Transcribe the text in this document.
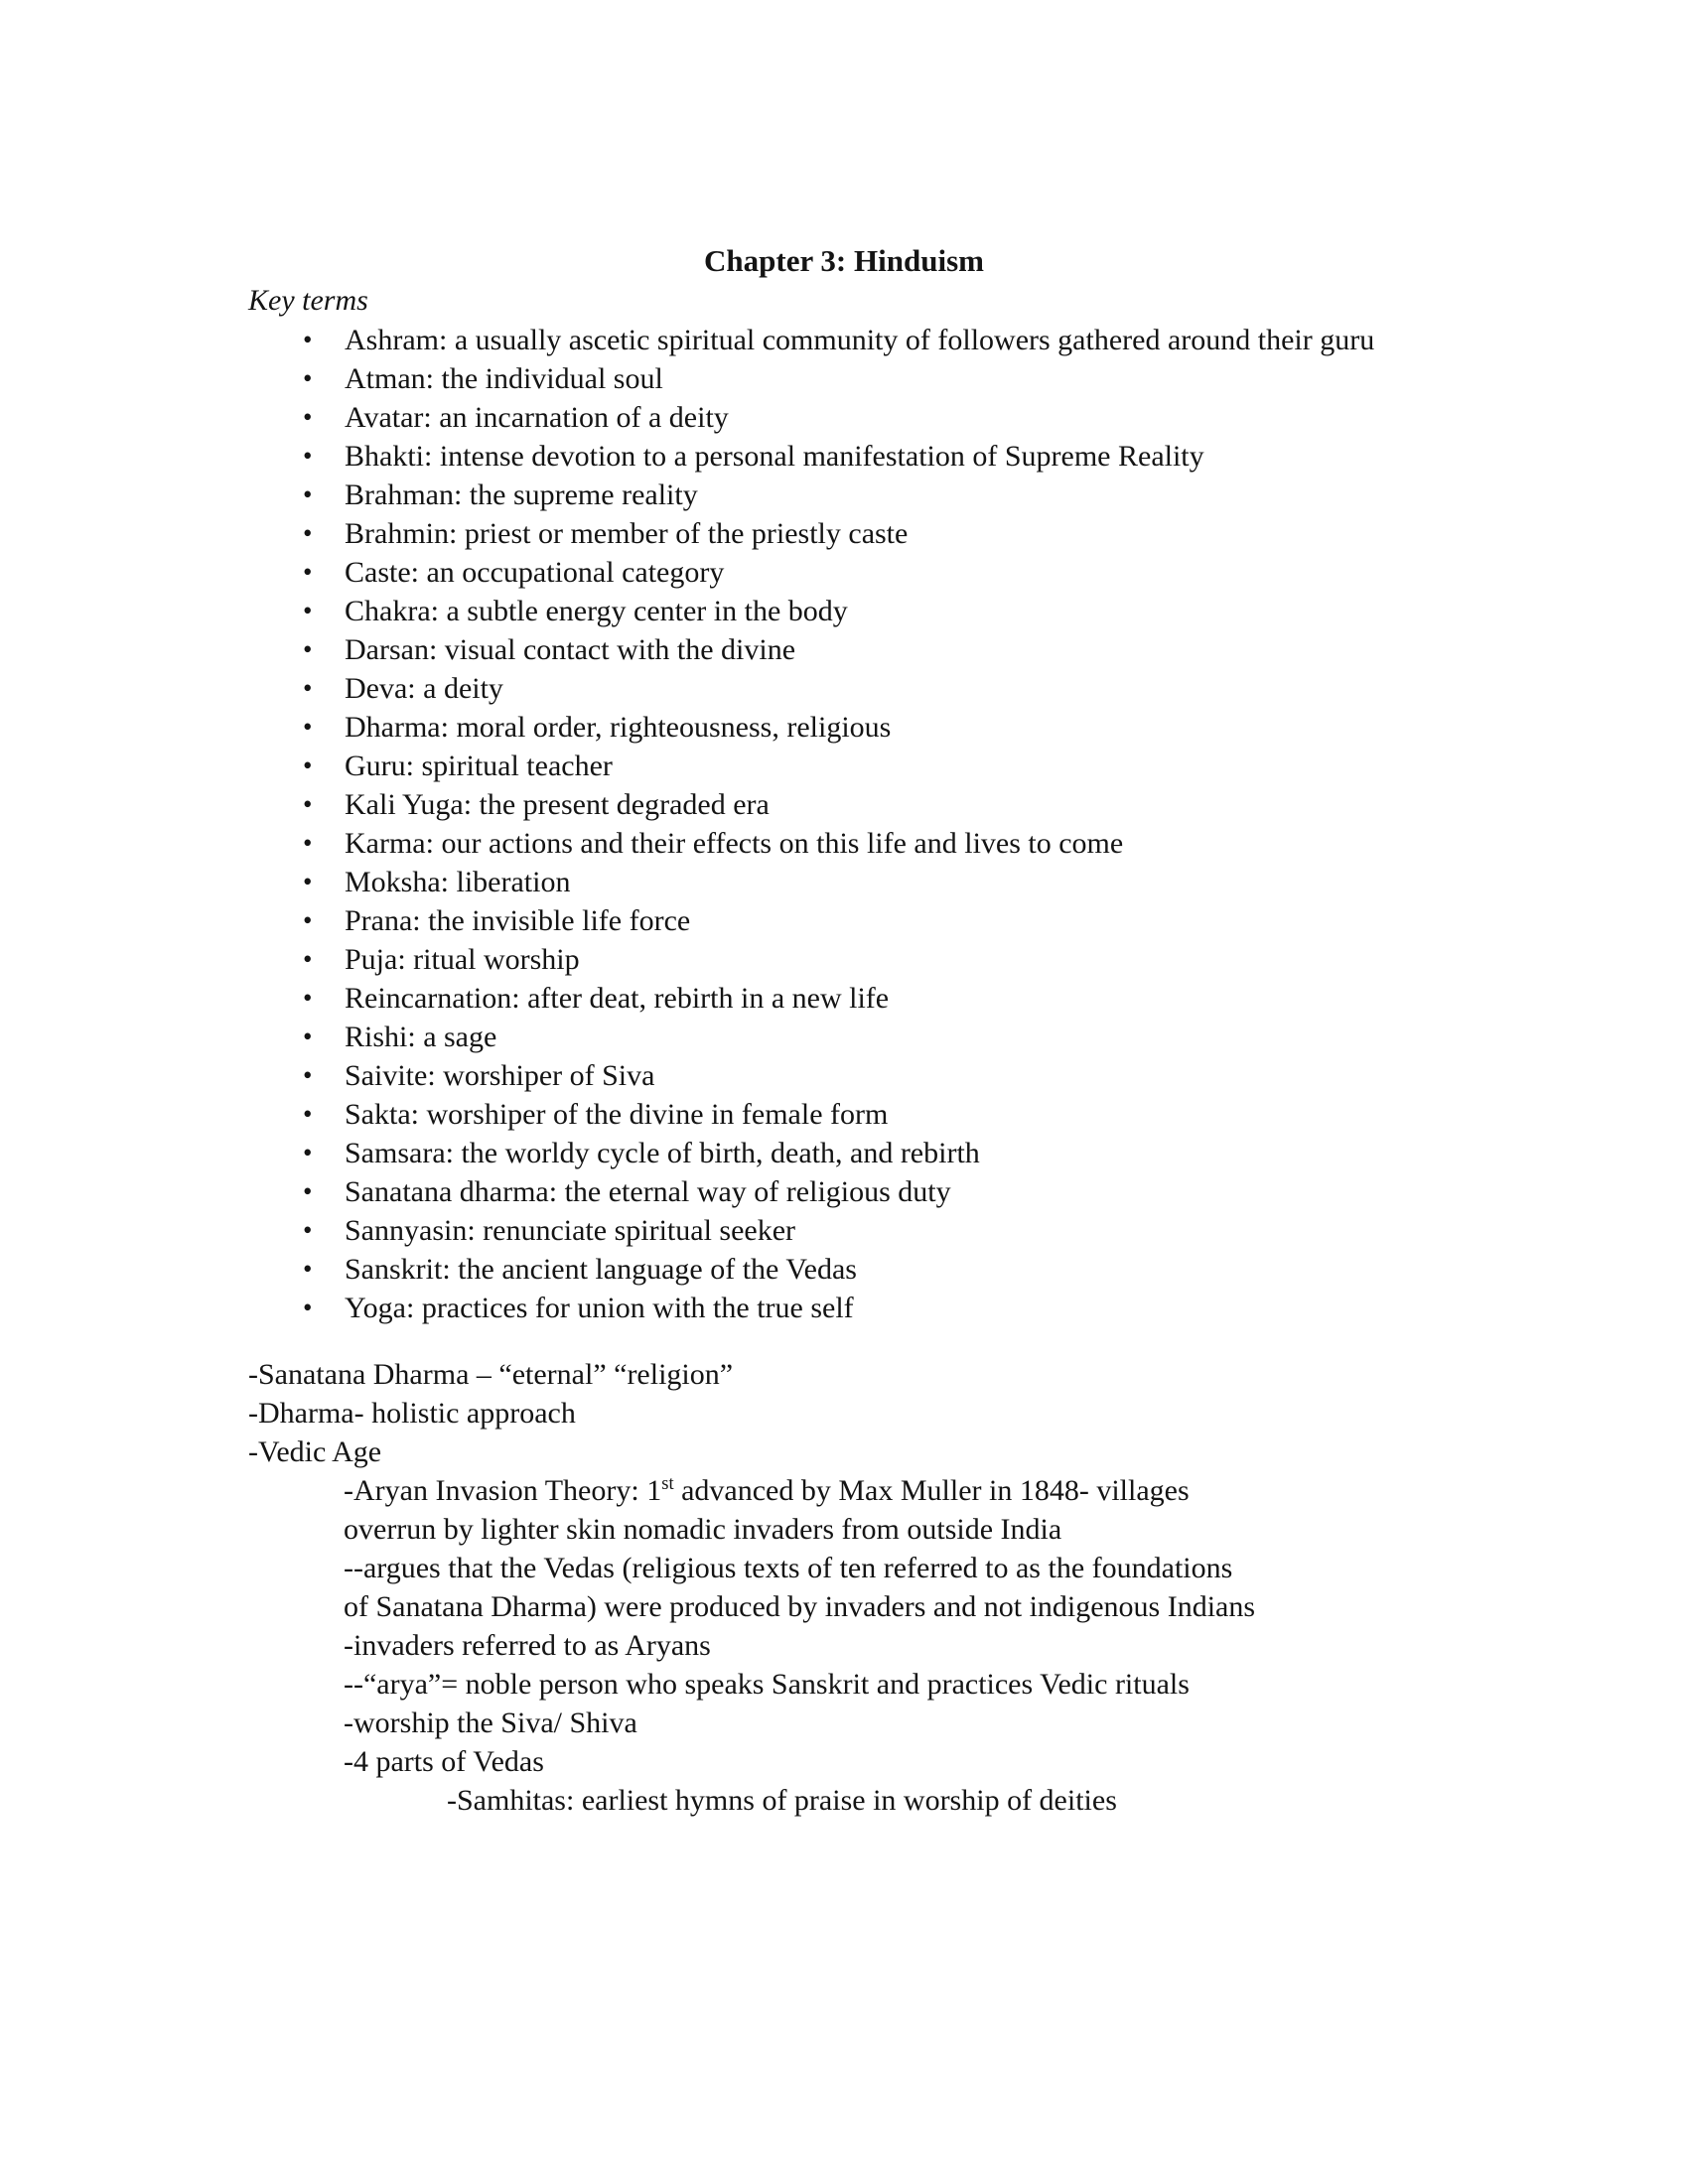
Chapter 3: Hinduism
Key terms
• Ashram: a usually ascetic spiritual community of followers gathered around their guru
• Atman: the individual soul
• Avatar: an incarnation of a deity
• Bhakti: intense devotion to a personal manifestation of Supreme Reality
• Brahman: the supreme reality
• Brahmin: priest or member of the priestly caste
• Caste: an occupational category
• Chakra: a subtle energy center in the body
• Darsan: visual contact with the divine
• Deva: a deity
• Dharma: moral order, righteousness, religious
• Guru: spiritual teacher
• Kali Yuga: the present degraded era
• Karma: our actions and their effects on this life and lives to come
• Moksha: liberation
• Prana: the invisible life force
• Puja: ritual worship
• Reincarnation: after deat, rebirth in a new life
• Rishi: a sage
• Saivite: worshiper of Siva
• Sakta: worshiper of the divine in female form
• Samsara: the worldy cycle of birth, death, and rebirth
• Sanatana dharma: the eternal way of religious duty
• Sannyasin: renunciate spiritual seeker
• Sanskrit: the ancient language of the Vedas
• Yoga: practices for union with the true self
-Sanatana Dharma – “eternal” “religion”
-Dharma- holistic approach
-Vedic Age
-Aryan Invasion Theory: 1st advanced by Max Muller in 1848- villages
overrun by lighter skin nomadic invaders from outside India
--argues that the Vedas (religious texts of ten referred to as the foundations
of Sanatana Dharma) were produced by invaders and not indigenous Indians
-invaders referred to as Aryans
--“arya”= noble person who speaks Sanskrit and practices Vedic rituals
-worship the Siva/ Shiva
-4 parts of Vedas
-Samhitas: earliest hymns of praise in worship of deities
